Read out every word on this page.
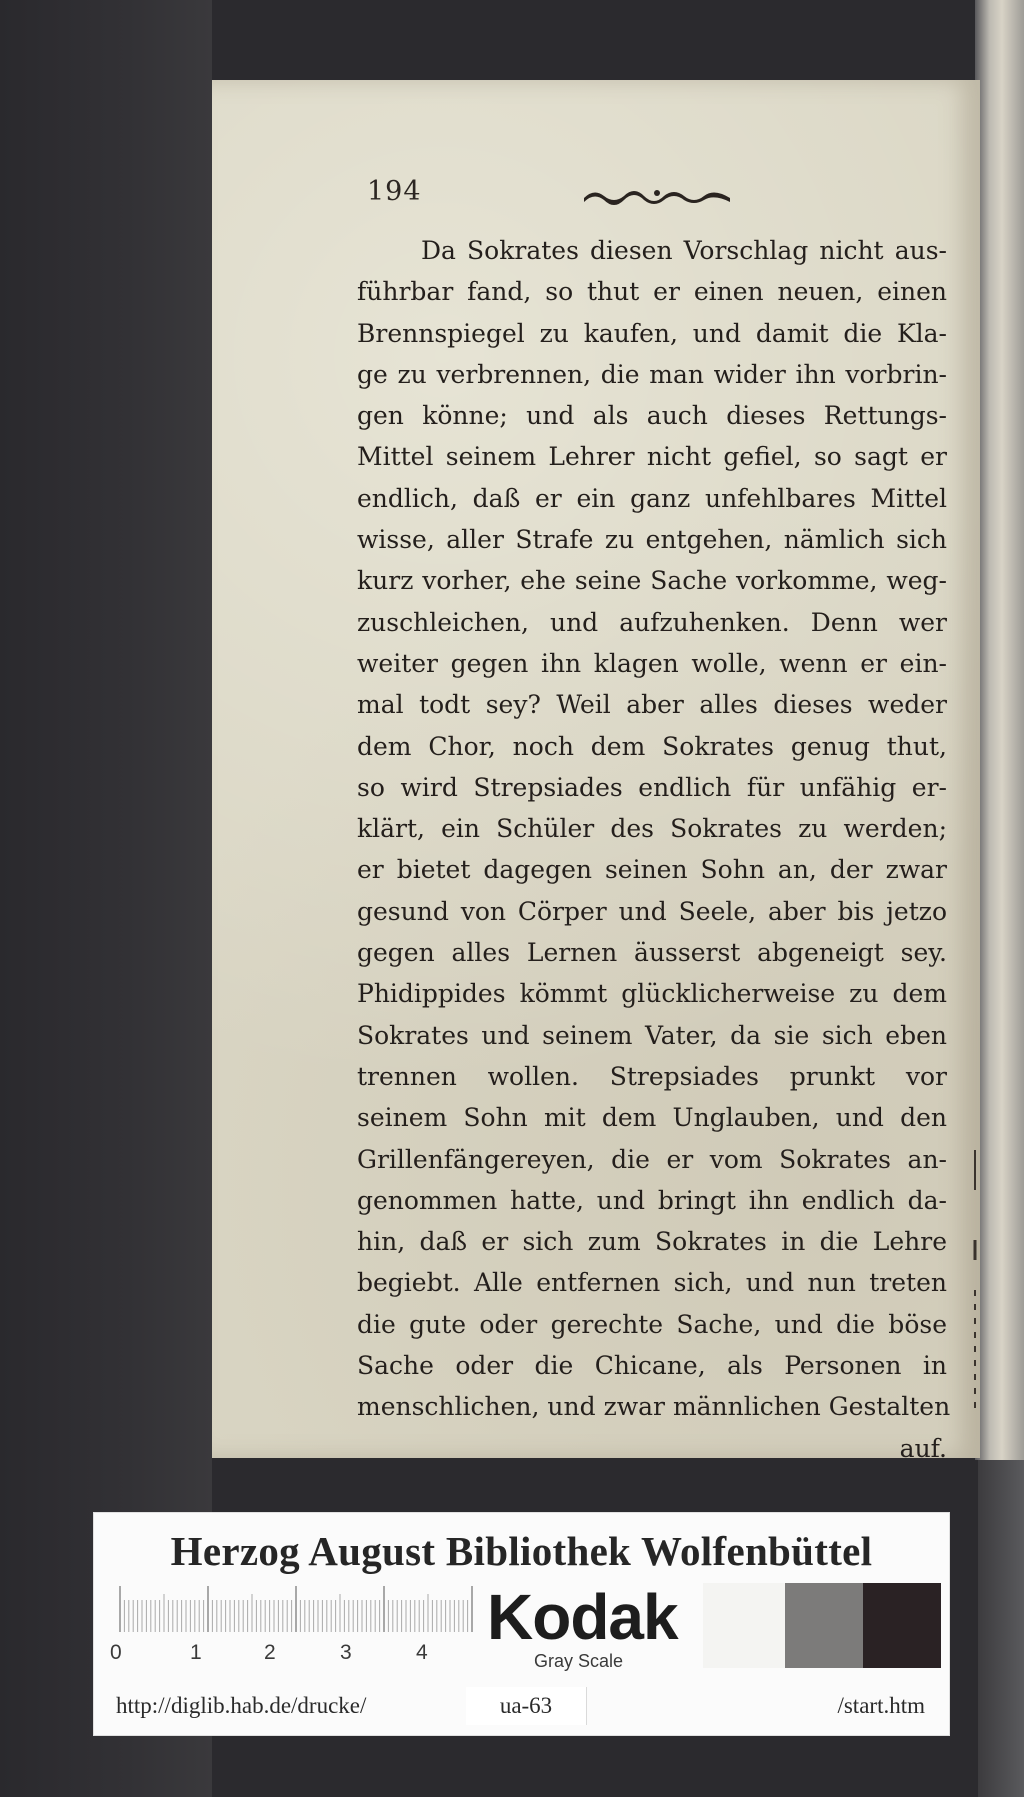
194
Da Sokrates diesen Vorschlag nicht aus-
führbar fand, so thut er einen neuen, einen
Brennspiegel zu kaufen, und damit die Kla-
ge zu verbrennen, die man wider ihn vorbrin-
gen könne; und als auch dieses Rettungs-
Mittel seinem Lehrer nicht gefiel, so sagt er
endlich, daß er ein ganz unfehlbares Mittel
wisse, aller Strafe zu entgehen, nämlich sich
kurz vorher, ehe seine Sache vorkomme, weg-
zuschleichen, und aufzuhenken. Denn wer
weiter gegen ihn klagen wolle, wenn er ein-
mal todt sey? Weil aber alles dieses weder
dem Chor, noch dem Sokrates genug thut,
so wird Strepsiades endlich für unfähig er-
klärt, ein Schüler des Sokrates zu werden;
er bietet dagegen seinen Sohn an, der zwar
gesund von Cörper und Seele, aber bis jetzo
gegen alles Lernen äusserst abgeneigt sey.
Phidippides kömmt glücklicherweise zu dem
Sokrates und seinem Vater, da sie sich eben
trennen wollen. Strepsiades prunkt vor
seinem Sohn mit dem Unglauben, und den
Grillenfängereyen, die er vom Sokrates an-
genommen hatte, und bringt ihn endlich da-
hin, daß er sich zum Sokrates in die Lehre
begiebt. Alle entfernen sich, und nun treten
die gute oder gerechte Sache, und die böse
Sache oder die Chicane, als Personen in
menschlichen, und zwar männlichen Gestalten
auf.
Herzog August Bibliothek Wolfenbüttel
0	1	2	3	4 Kodak
Gray Scale
http://diglib.hab.de/drucke/	ua-63	/start.htm
